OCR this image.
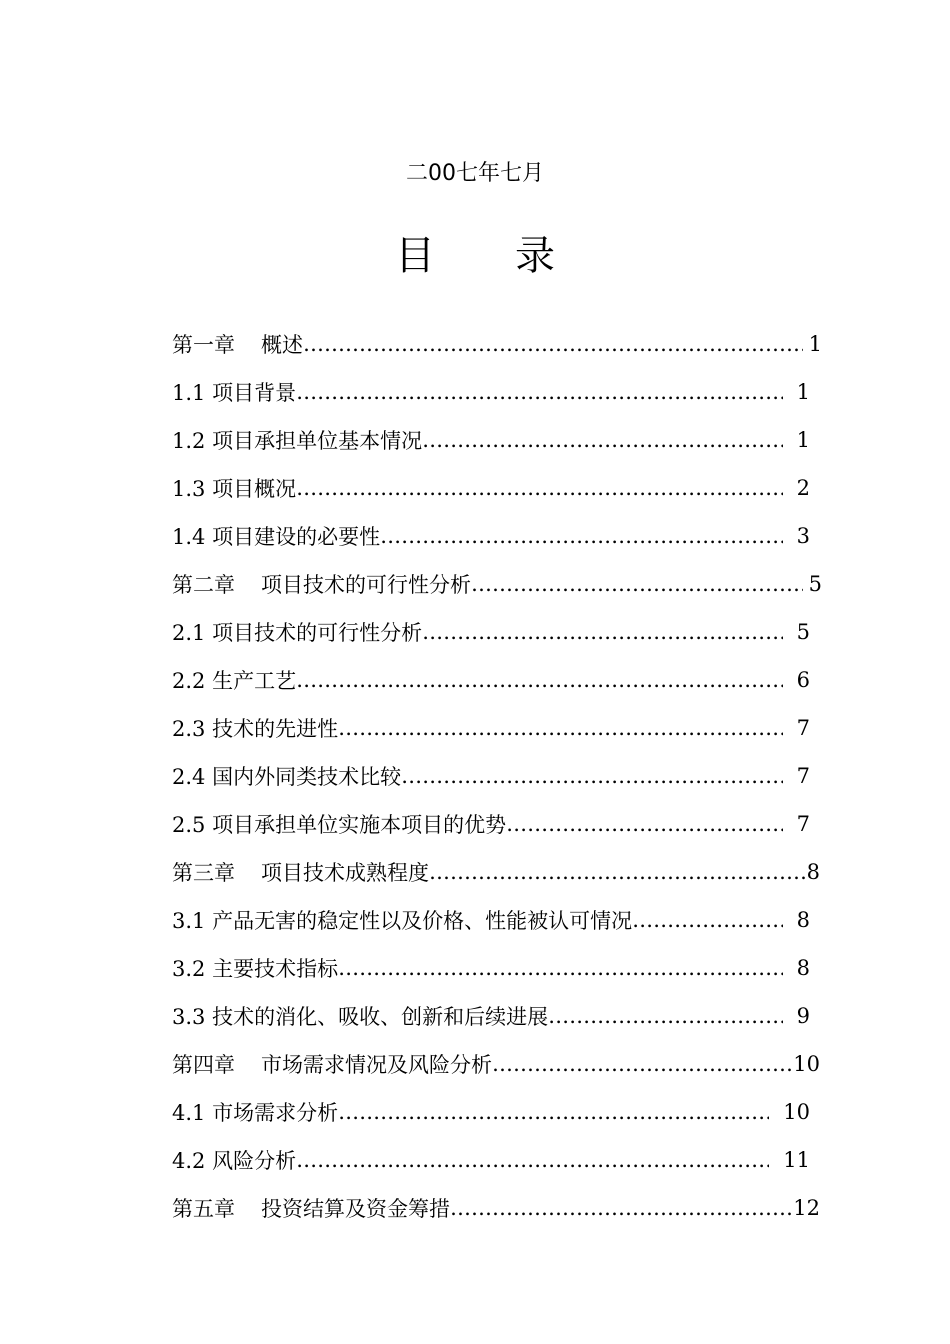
二00七年七月
目 录
第一章 概述 …………………………………………………………………………………………………………………………………………	1
1.1 项目背景 …………………………………………………………………………………………………………………………………………	1
1.2 项目承担单位基本情况 …………………………………………………………………………………………………………………………………………	1
1.3 项目概况 …………………………………………………………………………………………………………………………………………	2
1.4 项目建设的必要性 …………………………………………………………………………………………………………………………………………	3
第二章 项目技术的可行性分析 …………………………………………………………………………………………………………………………………………	5
2.1 项目技术的可行性分析 …………………………………………………………………………………………………………………………………………	5
2.2 生产工艺 …………………………………………………………………………………………………………………………………………	6
2.3 技术的先进性 …………………………………………………………………………………………………………………………………………	7
2.4 国内外同类技术比较 …………………………………………………………………………………………………………………………………………	7
2.5 项目承担单位实施本项目的优势 …………………………………………………………………………………………………………………………………………	7
第三章 项目技术成熟程度 …………………………………………………………………………………………………………………………………………	8
3.1 产品无害的稳定性以及价格、性能被认可情况 …………………………………………………………………………………………………………………………………………	8
3.2 主要技术指标 …………………………………………………………………………………………………………………………………………	8
3.3 技术的消化、吸收、创新和后续进展 …………………………………………………………………………………………………………………………………………	9
第四章 市场需求情况及风险分析 …………………………………………………………………………………………………………………………………………	10
4.1 市场需求分析 …………………………………………………………………………………………………………………………………………	10
4.2 风险分析 …………………………………………………………………………………………………………………………………………	11
第五章 投资结算及资金筹措 …………………………………………………………………………………………………………………………………………	12
